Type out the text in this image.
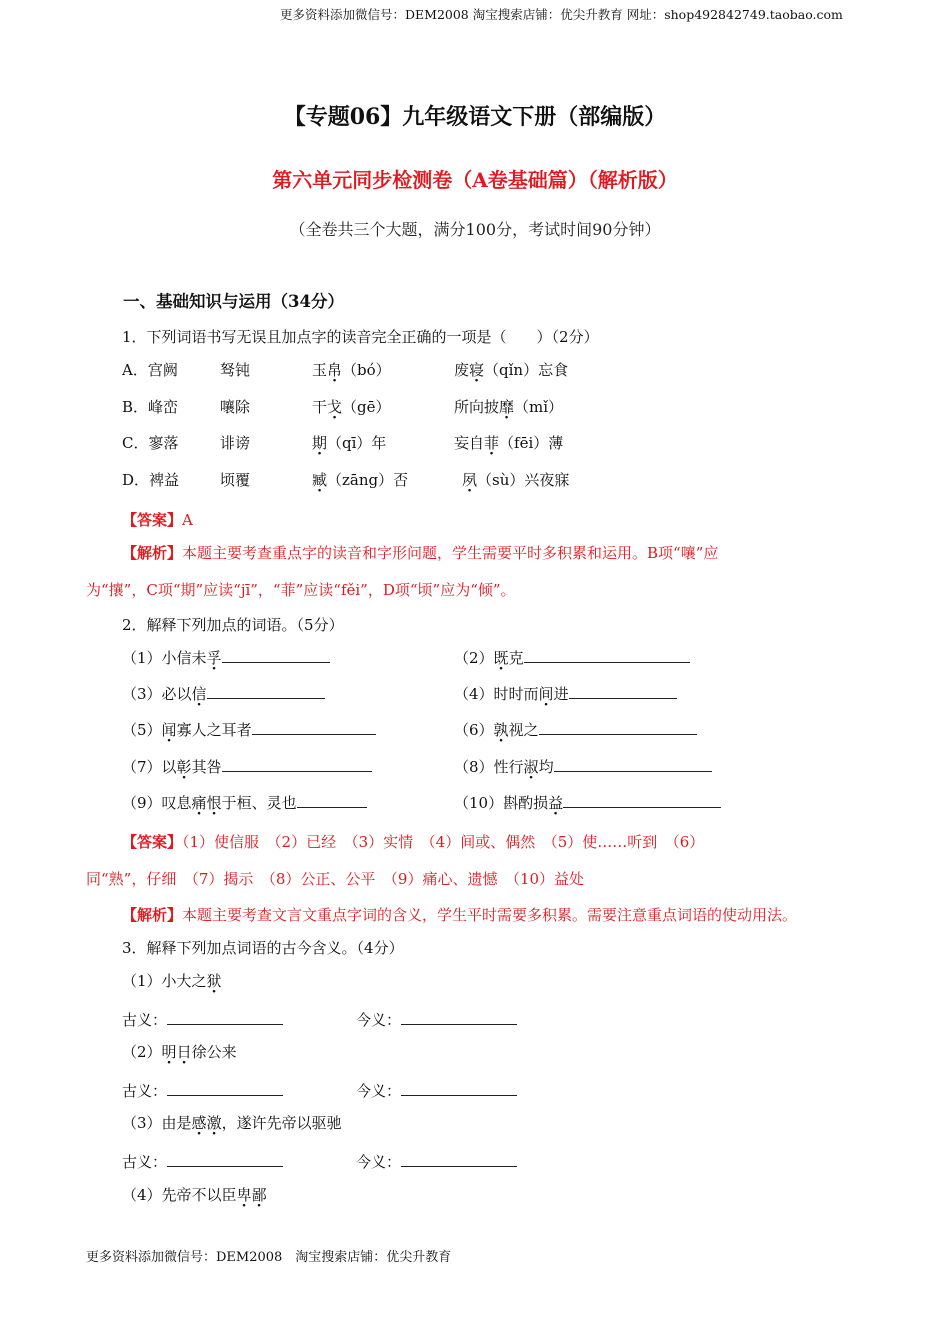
更多资料添加微信号：DEM2008 淘宝搜索店铺：优尖升教育 网址：shop492842749.taobao.com
【专题06】九年级语文下册（部编版）
第六单元同步检测卷（A卷基础篇）（解析版）
（全卷共三个大题，满分100分，考试时间90分钟）
一、基础知识与运用（34分）
1．下列词语书写无误且加点字的读音完全正确的一项是（　　）（2分）
A．宫阙	驽钝	玉帛（bó）	废寝（qǐn）忘食
B．峰峦	嚷除	干戈（gē）	所向披靡（mǐ）
C．寥落	诽谤	期（qī）年	妄自菲（fēi）薄
D．裨益	顷覆	臧（zāng）否	夙（sù）兴夜寐
【答案】A
【解析】本题主要考查重点字的读音和字形问题，学生需要平时多积累和运用。B项“嚷”应
为“攘”，C项“期”应读“jī”，“菲”应读“fěi”，D项“顷”应为“倾”。
2．解释下列加点的词语。（5分）
（1）小信未孚	（2）既克
（3）必以信	（4）时时而间进
（5）闻寡人之耳者	（6）孰视之
（7）以彰其咎	（8）性行淑均
（9）叹息痛恨于桓、灵也	（10）斟酌损益
【答案】（1）使信服　（2）已经　（3）实情　（4）间或、偶然　（5）使……听到　（6）
同“熟”，仔细　（7）揭示　（8）公正、公平　（9）痛心、遗憾　（10）益处
【解析】本题主要考查文言文重点字词的含义，学生平时需要多积累。需要注意重点词语的使动用法。
3．解释下列加点词语的古今含义。（4分）
（1）小大之狱
古义：	今义：
（2）明日徐公来
古义：	今义：
（3）由是感激，遂许先帝以驱驰
古义：	今义：
（4）先帝不以臣卑鄙
更多资料添加微信号：DEM2008　淘宝搜索店铺：优尖升教育
